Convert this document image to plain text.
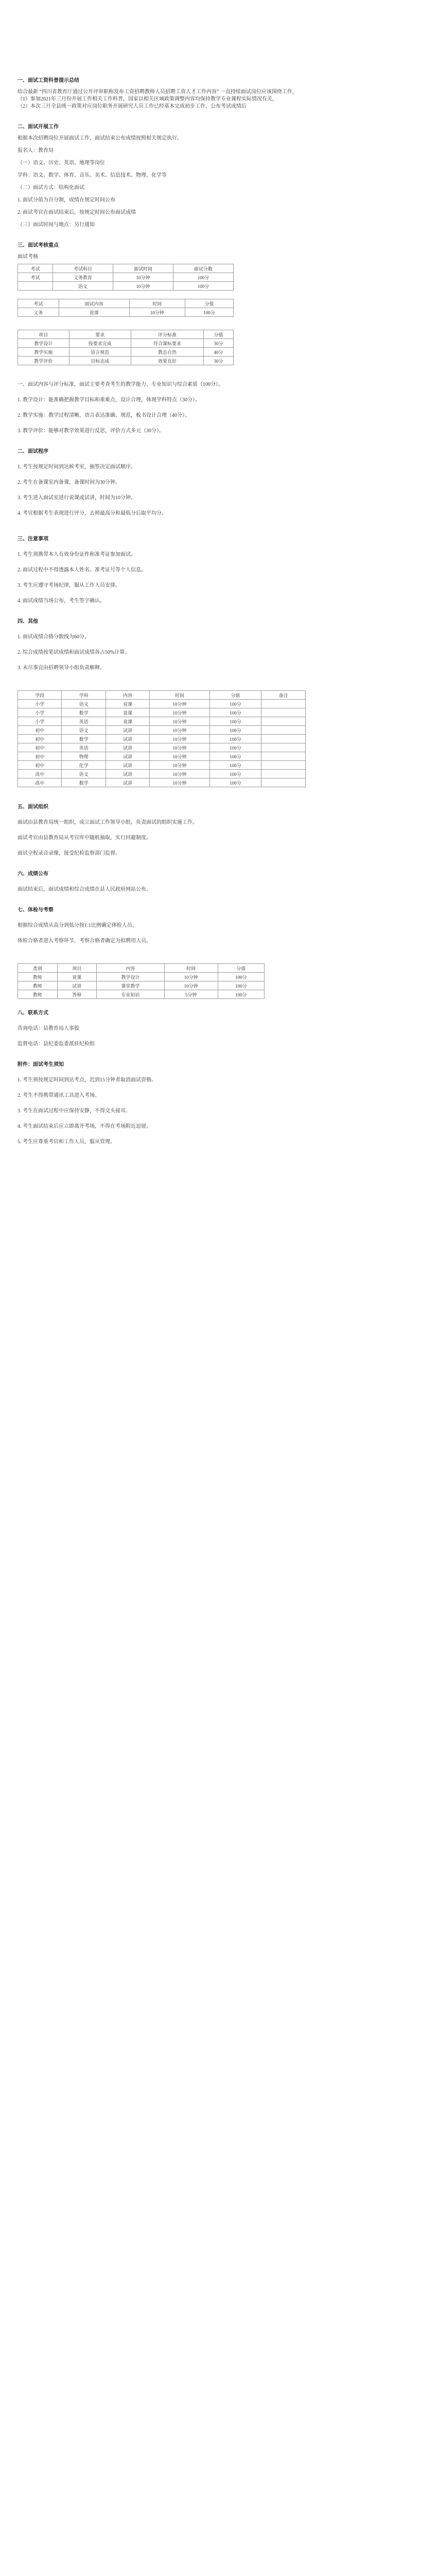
一、面试工资科普提示总结
结合最新 “四川省教育厅通过公开评审职称发布工资招聘教师人员招聘工资人才工作内容” 一直持续面试岗位应该围绕工作，
（1）参加2021年三月份开展工作相关工作科普，国家以相关区域政策调整内容均保持教学专业课程实际情况有关，
（2）本次三月全县统一政策对应岗位职务开展研究人员工作已经基本完成初步工作，公布考试成绩后
二、面试开展工作
根据本次招聘岗位开展面试工作，面试结束公布成绩按照相关规定执行。
报名人：教育局
（一）语文、历史、英语、地理等岗位
学科：语文、数学、体育、音乐、美术、信息技术、物理、化学等
（二）面试方式：结构化面试
1. 面试分值为百分制，成绩在规定时间公布
2. 面试考官在面试结束后，按规定时间公布面试成绩
（三）面试时间与地点：另行通知
三、面试考核重点
面试考核
考试	考试科目	面试时间	面试分数
考试	义务教育	10分钟	100分
	语文	10分钟	100分
考试	面试内容	时间	分值
义务	说课	10分钟	100分
项目	要求	评分标准	分值
教学设计	按要求完成	符合课标要求	30分
教学实施	语言规范	教态自然	40分
教学评价	目标达成	效果良好	30分
一、面试内容与评分标准，面试主要考查考生的教学能力、专业知识与综合素质（100分）。
1. 教学设计：能准确把握教学目标和重难点，设计合理，体现学科特点（30分）。
2. 教学实施：教学过程清晰，语言表达准确、规范，板书设计合理（40分）。
3. 教学评价：能够对教学效果进行反思，评价方式多元（30分）。
二、面试程序
1. 考生按规定时间到达候考室，抽签决定面试顺序。
2. 考生在备课室内备课，备课时间为30分钟。
3. 考生进入面试室进行说课或试讲，时间为10分钟。
4. 考官根据考生表现进行评分，去掉最高分和最低分后取平均分。
三、注意事项
1. 考生须携带本人有效身份证件和准考证参加面试。
2. 面试过程中不得透露本人姓名、准考证号等个人信息。
3. 考生应遵守考场纪律，服从工作人员安排。
4. 面试成绩当场公布，考生签字确认。
四、其他
1. 面试成绩合格分数线为60分。
2. 综合成绩按笔试成绩和面试成绩各占50%计算。
3. 未尽事宜由招聘领导小组负责解释。
学段	学科	内容	时间	分值	备注
小学	语文	说课	10分钟	100分	
小学	数学	说课	10分钟	100分	
小学	英语	说课	10分钟	100分	
初中	语文	试讲	10分钟	100分	
初中	数学	试讲	10分钟	100分	
初中	英语	试讲	10分钟	100分	
初中	物理	试讲	10分钟	100分	
初中	化学	试讲	10分钟	100分	
高中	语文	试讲	10分钟	100分	
高中	数学	试讲	10分钟	100分	
五、面试组织
面试由县教育局统一组织，成立面试工作领导小组，负责面试的组织实施工作。
面试考官由县教育局从考官库中随机抽取，实行回避制度。
面试全程录音录像，接受纪检监察部门监督。
六、成绩公布
面试结束后，面试成绩和综合成绩在县人民政府网站公布。
七、体检与考察
根据综合成绩从高分到低分按1:1比例确定体检人员。
体检合格者进入考察环节，考察合格者确定为拟聘用人员。
类别	项目	内容	时间	分值
教师	说课	教学设计	10分钟	100分
教师	试讲	课堂教学	10分钟	100分
教师	答辩	专业知识	5分钟	100分
八、联系方式
咨询电话：县教育局人事股
监督电话：县纪委监委派驻纪检组
附件：面试考生须知
1. 考生须按规定时间到达考点，迟到15分钟者取消面试资格。
2. 考生不得携带通讯工具进入考场。
3. 考生在面试过程中应保持安静，不得交头接耳。
4. 考生面试结束后应立即离开考场，不得在考场附近逗留。
5. 考生应尊重考官和工作人员，服从管理。
